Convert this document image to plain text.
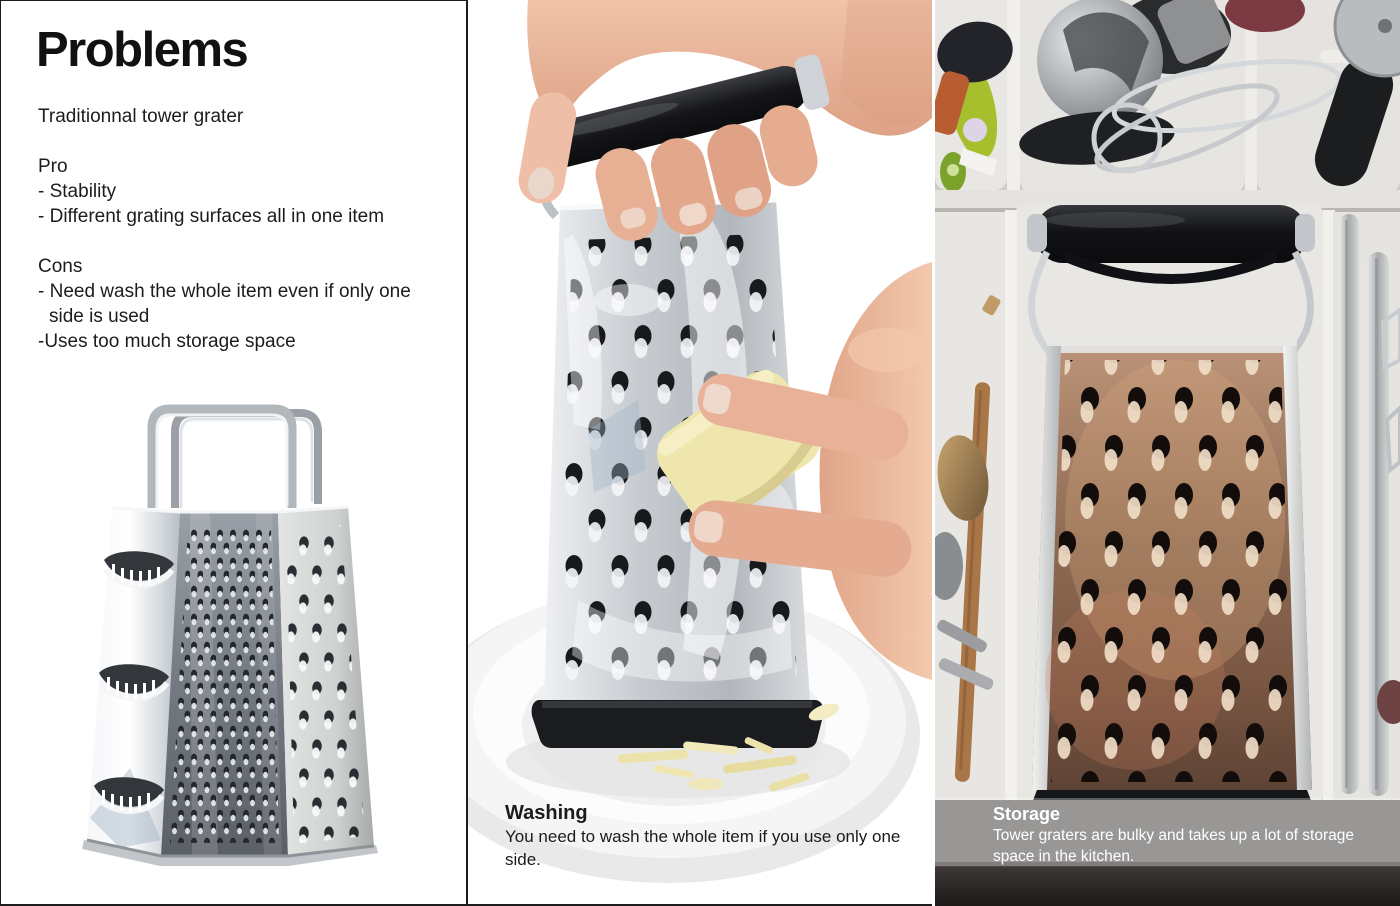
Problems

Traditionnal tower grater

Pro

- Stability

- Different grating surfaces all in one item

Cons

- Need wash the whole item even if only one side is used

-Uses too much storage space

Washing
You need to wash the whole item if you use only one side.
Storage
Tower graters are bulky and takes up a lot of storage space in the kitchen.
